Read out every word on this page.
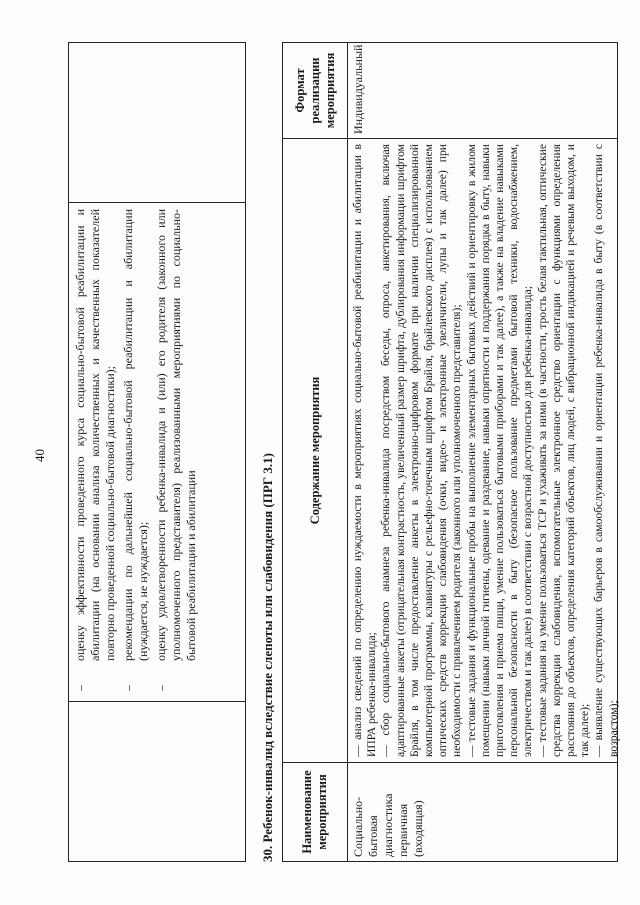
40
–
оценку эффективности проведенного курса социально-бытовой реабилитации и абилитации (на основании анализа количественных и качественных показателей повторно проведенной социально-бытовой диагностики);
–
рекомендации по дальнейшей социально-бытовой реабилитации и абилитации (нуждается, не нуждается);
–
оценку удовлетворенности ребенка-инвалида и (или) его родителя (законного или уполномоченного представителя) реализованными мероприятиями по социально-бытовой реабилитации и абилитации	30. Ребенок-инвалид вследствие слепоты или слабовидения (ПРГ 3.1)	Наименование мероприятия
Содержание мероприятия
Формат реализации мероприятия
Социально-бытовая диагностика первичная (входящая)
— анализ сведений по определению нуждаемости в мероприятиях социально-бытовой реабилитации и абилитации в ИПРА ребенка-инвалида; — сбор социально-бытового анамнеза ребенка-инвалида посредством беседы, опроса, анкетирования, включая адаптированные анкеты (отрицательная контрастность, увеличенный размер шрифта, дублирования информации шрифтом Брайля, в том числе предоставление анкеты в электронно-цифровом формате при наличии специализированной компьютерной программы, клавиатуры с рельефно-точечным шрифтом Брайля, брайлевского дисплея) с использованием оптических средств коррекции слабовидения (очки, видео- и электронные увеличители, лупы и так далее) при необходимости с привлечением родителя (законного или уполномоченного представителя); — тестовые задания и функциональные пробы на выполнение элементарных бытовых действий и ориентировку в жилом помещении (навыки личной гигиены, одевание и раздевание, навыки опрятности и поддержания порядка в быту, навыки приготовления и приема пищи, умение пользоваться бытовыми приборами и так далее), а также на владение навыками персональной безопасности в быту (безопасное пользование предметами бытовой техники, водоснабжением, электричеством и так далее) в соответствии с возрастной доступностью для ребенка-инвалида; — тестовые задания на умение пользоваться ТСР и ухаживать за ними (в частности, трость белая тактильная, оптические средства коррекции слабовидения, вспомогательные электронное средство ориентации с функциями определения расстояния до объектов, определения категорий объектов, лиц людей, с вибрационной индикацией и речевым выходом, и так далее); — выявление существующих барьеров в самообслуживании и ориентации ребенка-инвалида в быту (в соответствии с возрастом);
Индивидуальный
